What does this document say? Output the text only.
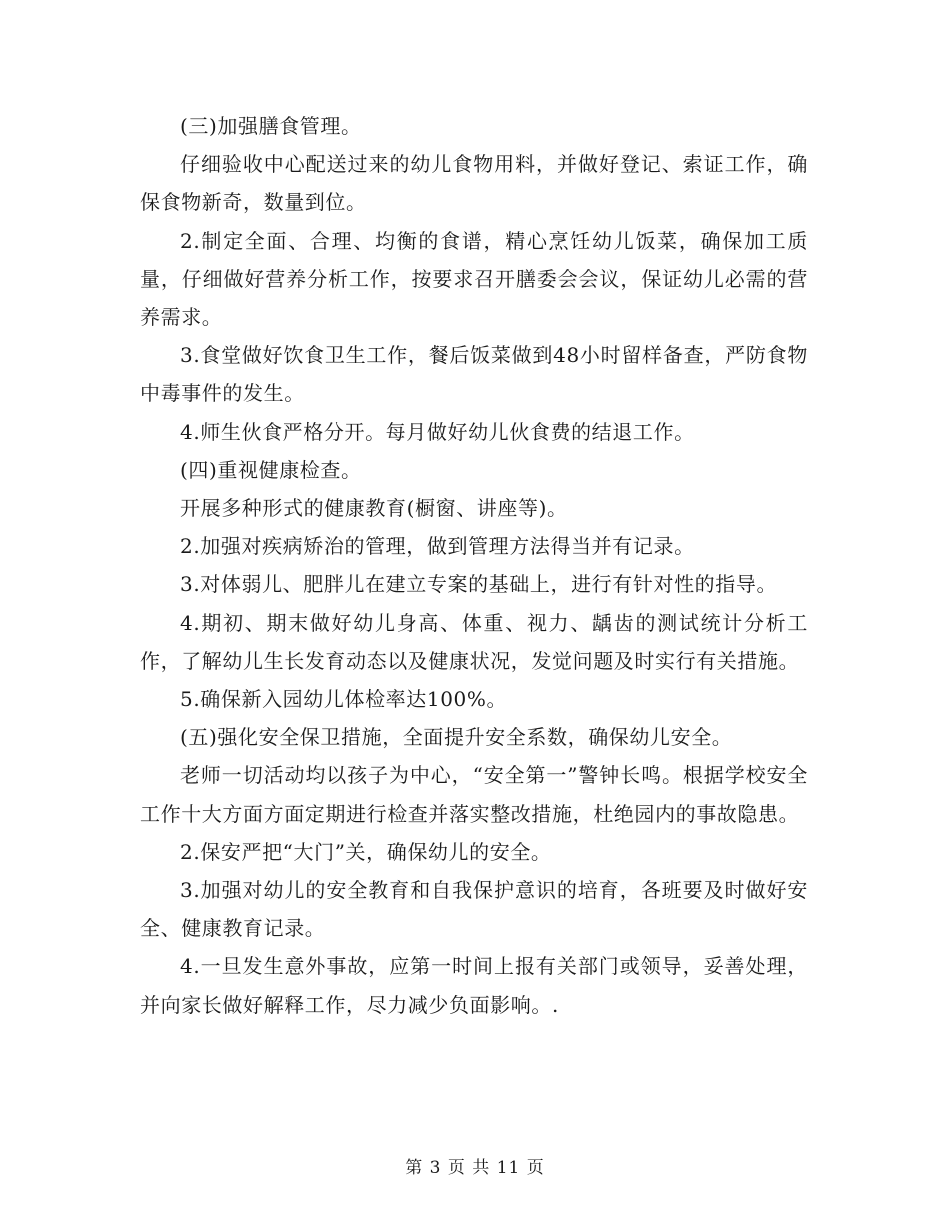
(三)加强膳食管理。

仔细验收中心配送过来的幼儿食物用料，并做好登记、索证工作，确保食物新奇，数量到位。

2.制定全面、合理、均衡的食谱，精心烹饪幼儿饭菜，确保加工质量，仔细做好营养分析工作，按要求召开膳委会会议，保证幼儿必需的营养需求。

3.食堂做好饮食卫生工作，餐后饭菜做到48小时留样备查，严防食物中毒事件的发生。

4.师生伙食严格分开。每月做好幼儿伙食费的结退工作。

(四)重视健康检查。

开展多种形式的健康教育(橱窗、讲座等)。

2.加强对疾病矫治的管理，做到管理方法得当并有记录。

3.对体弱儿、肥胖儿在建立专案的基础上，进行有针对性的指导。

4.期初、期末做好幼儿身高、体重、视力、龋齿的测试统计分析工作，了解幼儿生长发育动态以及健康状况，发觉问题及时实行有关措施。

5.确保新入园幼儿体检率达100%。

(五)强化安全保卫措施，全面提升安全系数，确保幼儿安全。

老师一切活动均以孩子为中心，“安全第一”警钟长鸣。根据学校安全工作十大方面方面定期进行检查并落实整改措施，杜绝园内的事故隐患。

2.保安严把“大门”关，确保幼儿的安全。

3.加强对幼儿的安全教育和自我保护意识的培育，各班要及时做好安全、健康教育记录。

4.一旦发生意外事故，应第一时间上报有关部门或领导，妥善处理，并向家长做好解释工作，尽力减少负面影响。.

第 3 页 共 11 页
